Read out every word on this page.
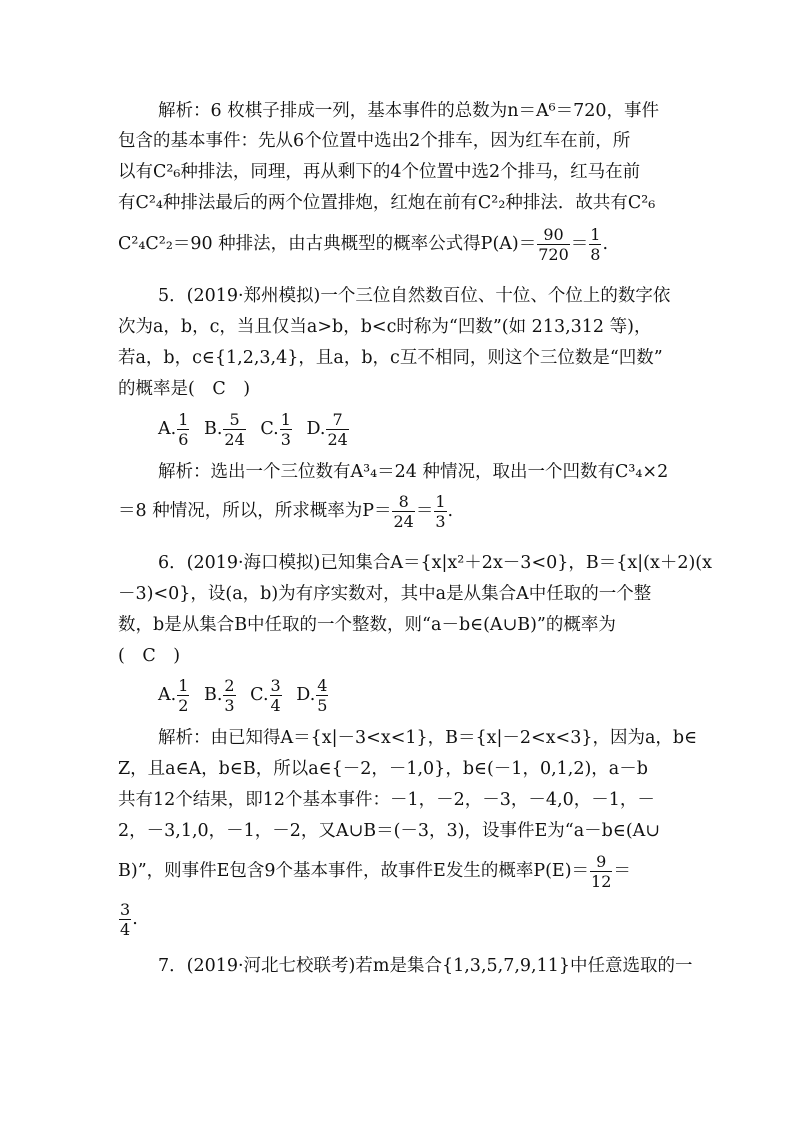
解析：6 枚棋子排成一列，基本事件的总数为n＝A⁶＝720，事件
包含的基本事件：先从6个位置中选出2个排车，因为红车在前，所
以有C²₆种排法，同理，再从剩下的4个位置中选2个排马，红马在前
有C²₄种排法最后的两个位置排炮，红炮在前有C²₂种排法．故共有C²₆
C²₄C²₂＝90 种排法，由古典概型的概率公式得$P(A)= \frac{90}{720} = \frac{1}{8}$ .
5．(2019·郑州模拟)一个三位自然数百位、十位、个位上的数字依
次为a，b，c，当且仅当a>b，b<c时称为“凹数”(如 213,312 等)，
若a，b，c∈{1,2,3,4}，且a，b，c互不相同，则这个三位数是“凹数”
的概率是(　C　)
A. $\frac{1}{6} B$. $\frac{5}{24} C$. $\frac{1}{3} D$. $\frac{7}{24}$
解析：选出一个三位数有A³₄＝24 种情况，取出一个凹数有C³₄×2
＝8 种情况，所以，所求概率为$P= \frac{8}{24} = \frac{1}{3}$ .
6．(2019·海口模拟)已知集合A＝{x|x²＋2x－3<0}，B＝{x|(x＋2)(x
－3)<0}，设(a，b)为有序实数对，其中a是从集合A中任取的一个整
数，b是从集合B中任取的一个整数，则“a－b∈(A∪B)”的概率为
(　C　)
A. $\frac{1}{2} B$. $\frac{2}{3} C$. $\frac{3}{4} D$. $\frac{4}{5}$
解析：由已知得A＝{x|－3<x<1}，B＝{x|－2<x<3}，因为a，b∈
Z，且a∈A，b∈B，所以a∈{－2，－1,0}，b∈(－1，0,1,2)，a－b
共有12个结果，即12个基本事件：－1，－2，－3，－4,0，－1，－
2，－3,1,0，－1，－2，又A∪B＝(－3，3)，设事件E为“a－b∈(A∪
B)”，则事件E包含9个基本事件，故事件E发生的概率$P(E)= \frac{9}{12}$ ＝
$\frac{3}{4}$ .
7．(2019·河北七校联考)若m是集合{1,3,5,7,9,11}中任意选取的一
